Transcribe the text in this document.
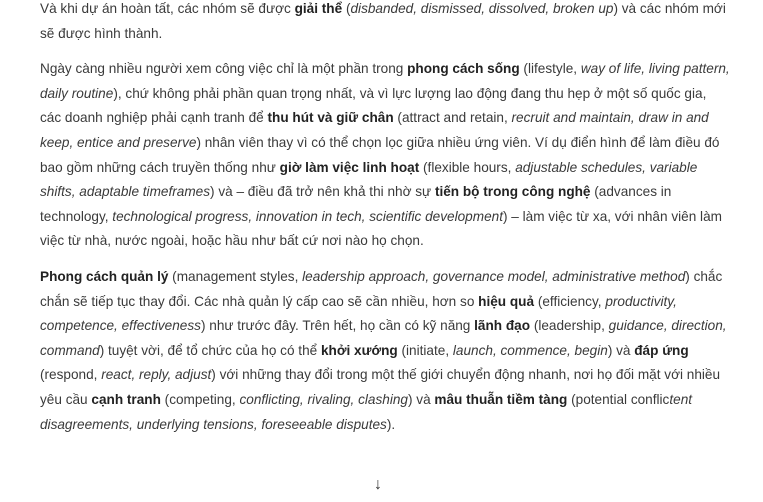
Và khi dự án hoàn tất, các nhóm sẽ được giải thể (disbanded, dismissed, dissolved, broken up) và các nhóm mới sẽ được hình thành.

Ngày càng nhiều người xem công việc chỉ là một phần trong phong cách sống (lifestyle, way of life, living pattern, daily routine), chứ không phải phần quan trọng nhất, và vì lực lượng lao động đang thu hẹp ở một số quốc gia, các doanh nghiệp phải cạnh tranh để thu hút và giữ chân (attract and retain, recruit and maintain, draw in and keep, entice and preserve) nhân viên thay vì có thể chọn lọc giữa nhiều ứng viên. Ví dụ điển hình để làm điều đó bao gồm những cách truyền thống như giờ làm việc linh hoạt (flexible hours, adjustable schedules, variable shifts, adaptable timeframes) và – điều đã trở nên khả thi nhờ sự tiến bộ trong công nghệ (advances in technology, technological progress, innovation in tech, scientific development) – làm việc từ xa, với nhân viên làm việc từ nhà, nước ngoài, hoặc hầu như bất cứ nơi nào họ chọn.

Phong cách quản lý (management styles, leadership approach, governance model, administrative method) chắc chắn sẽ tiếp tục thay đổi. Các nhà quản lý cấp cao sẽ cần nhiều, hơn so hiệu quả (efficiency, productivity, competence, effectiveness) như trước đây. Trên hết, họ cần có kỹ năng lãnh đạo (leadership, guidance, direction, command) tuyệt vời, để tổ chức của họ có thể khởi xướng (initiate, launch, commence, begin) và đáp ứng (respond, react, reply, adjust) với những thay đổi trong một thế giới chuyển động nhanh, nơi họ đối mặt với nhiều yêu cầu cạnh tranh (competing, conflicting, rivaling, clashing) và mâu thuẫn tiềm tàng (potential conflictent disagreements, underlying tensions, foreseeable disputes).

↓
